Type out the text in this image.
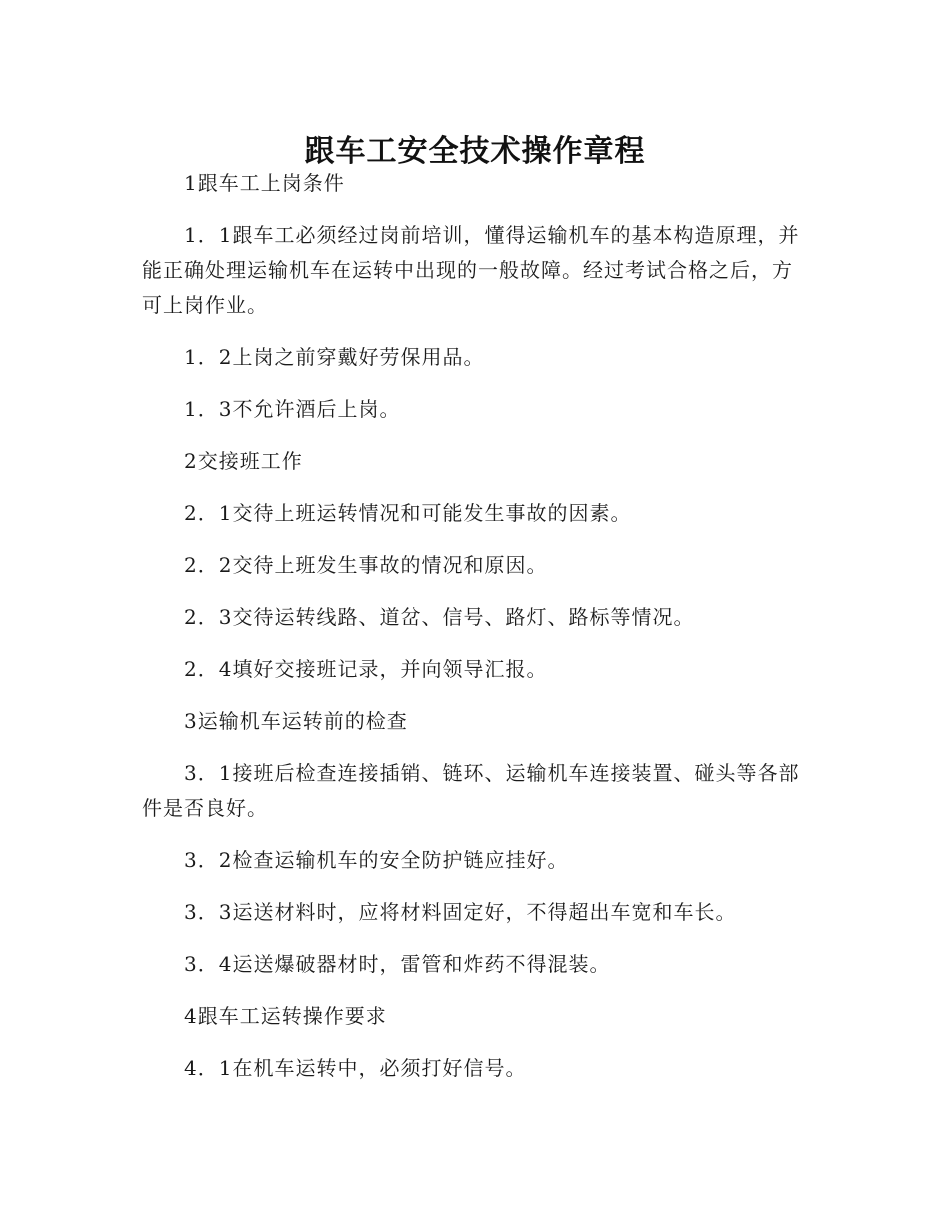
跟车工安全技术操作章程

1跟车工上岗条件

1．1跟车工必须经过岗前培训，懂得运输机车的基本构造原理，并能正确处理运输机车在运转中出现的一般故障。经过考试合格之后，方可上岗作业。

1．2上岗之前穿戴好劳保用品。

1．3不允许酒后上岗。

2交接班工作

2．1交待上班运转情况和可能发生事故的因素。

2．2交待上班发生事故的情况和原因。

2．3交待运转线路、道岔、信号、路灯、路标等情况。

2．4填好交接班记录，并向领导汇报。

3运输机车运转前的检查

3．1接班后检查连接插销、链环、运输机车连接装置、碰头等各部件是否良好。

3．2检查运输机车的安全防护链应挂好。

3．3运送材料时，应将材料固定好，不得超出车宽和车长。

3．4运送爆破器材时，雷管和炸药不得混装。

4跟车工运转操作要求

4．1在机车运转中，必须打好信号。
